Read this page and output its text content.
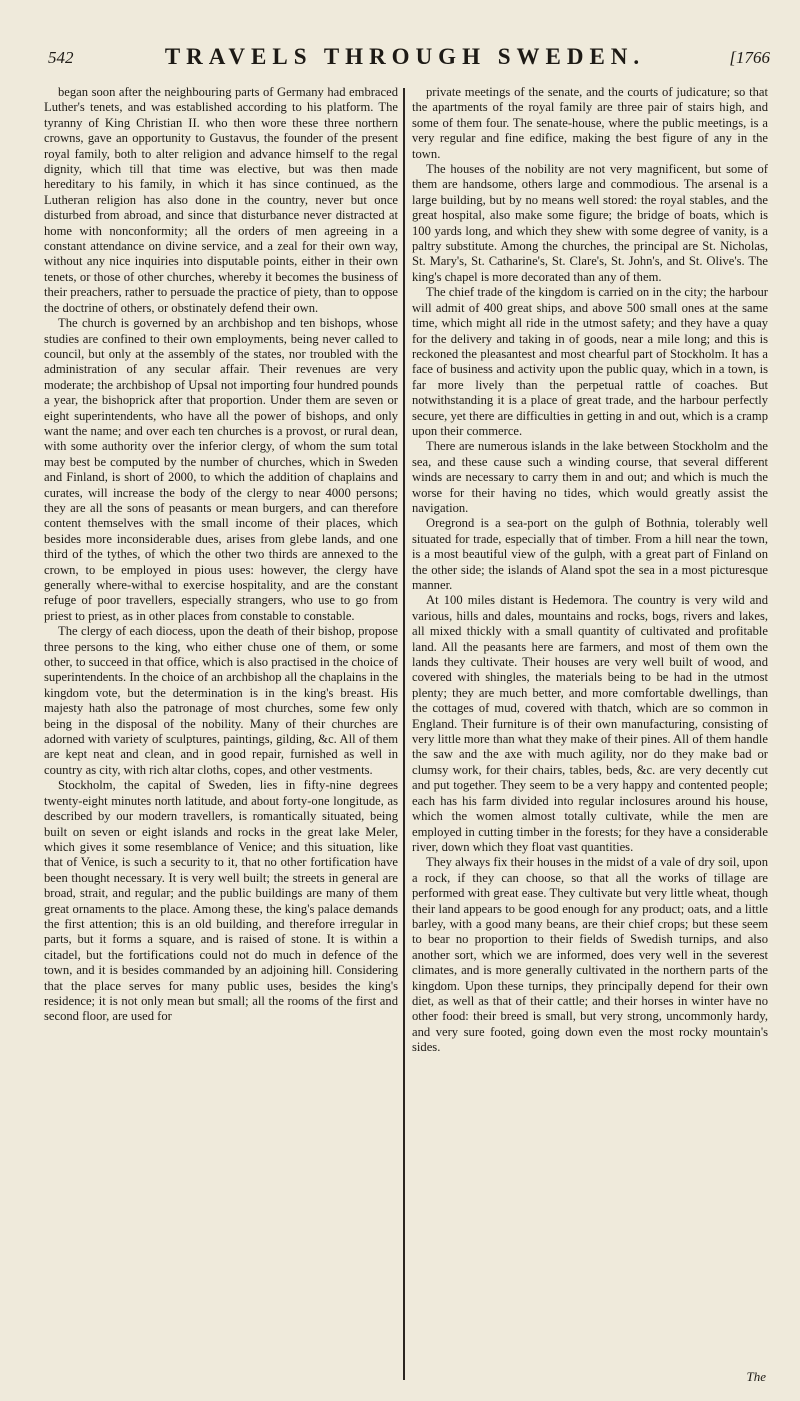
542	TRAVELS THROUGH SWEDEN.	[1766

began soon after the neighbouring parts of Germany had embraced Luther's tenets, and was established according to his platform. The tyranny of King Christian II. who then wore these three northern crowns, gave an opportunity to Gustavus, the founder of the present royal family, both to alter religion and advance himself to the regal dignity, which till that time was elective, but was then made hereditary to his family, in which it has since continued, as the Lutheran religion has also done in the country, never but once disturbed from abroad, and since that disturbance never distracted at home with nonconformity; all the orders of men agreeing in a constant attendance on divine service, and a zeal for their own way, without any nice inquiries into disputable points, either in their own tenets, or those of other churches, whereby it becomes the business of their preachers, rather to persuade the practice of piety, than to oppose the doctrine of others, or obstinately defend their own.

The church is governed by an archbishop and ten bishops, whose studies are confined to their own employments, being never called to council, but only at the assembly of the states, nor troubled with the administration of any secular affair. Their revenues are very moderate; the archbishop of Upsal not importing four hundred pounds a year, the bishoprick after that proportion. Under them are seven or eight superintendents, who have all the power of bishops, and only want the name; and over each ten churches is a provost, or rural dean, with some authority over the inferior clergy, of whom the sum total may best be computed by the number of churches, which in Sweden and Finland, is short of 2000, to which the addition of chaplains and curates, will increase the body of the clergy to near 4000 persons; they are all the sons of peasants or mean burgers, and can therefore content themselves with the small income of their places, which besides more inconsiderable dues, arises from glebe lands, and one third of the tythes, of which the other two thirds are annexed to the crown, to be employed in pious uses: however, the clergy have generally where-withal to exercise hospitality, and are the constant refuge of poor travellers, especially strangers, who use to go from priest to priest, as in other places from constable to constable.

The clergy of each diocess, upon the death of their bishop, propose three persons to the king, who either chuse one of them, or some other, to succeed in that office, which is also practised in the choice of superintendents. In the choice of an archbishop all the chaplains in the kingdom vote, but the determination is in the king's breast. His majesty hath also the patronage of most churches, some few only being in the disposal of the nobility. Many of their churches are adorned with variety of sculptures, paintings, gilding, &c. All of them are kept neat and clean, and in good repair, furnished as well in country as city, with rich altar cloths, copes, and other vestments.

Stockholm, the capital of Sweden, lies in fifty-nine degrees twenty-eight minutes north latitude, and about forty-one longitude, as described by our modern travellers, is romantically situated, being built on seven or eight islands and rocks in the great lake Meler, which gives it some resemblance of Venice; and this situation, like that of Venice, is such a security to it, that no other fortification have been thought necessary. It is very well built; the streets in general are broad, strait, and regular; and the public buildings are many of them great ornaments to the place. Among these, the king's palace demands the first attention; this is an old building, and therefore irregular in parts, but it forms a square, and is raised of stone. It is within a citadel, but the fortifications could not do much in defence of the town, and it is besides commanded by an adjoining hill. Considering that the place serves for many public uses, besides the king's residence; it is not only mean but small; all the rooms of the first and second floor, are used for

private meetings of the senate, and the courts of judicature; so that the apartments of the royal family are three pair of stairs high, and some of them four. The senate-house, where the public meetings, is a very regular and fine edifice, making the best figure of any in the town.

The houses of the nobility are not very magnificent, but some of them are handsome, others large and commodious. The arsenal is a large building, but by no means well stored: the royal stables, and the great hospital, also make some figure; the bridge of boats, which is 100 yards long, and which they shew with some degree of vanity, is a paltry substitute. Among the churches, the principal are St. Nicholas, St. Mary's, St. Catharine's, St. Clare's, St. John's, and St. Olive's. The king's chapel is more decorated than any of them.

The chief trade of the kingdom is carried on in the city; the harbour will admit of 400 great ships, and above 500 small ones at the same time, which might all ride in the utmost safety; and they have a quay for the delivery and taking in of goods, near a mile long; and this is reckoned the pleasantest and most chearful part of Stockholm. It has a face of business and activity upon the public quay, which in a town, is far more lively than the perpetual rattle of coaches. But notwithstanding it is a place of great trade, and the harbour perfectly secure, yet there are difficulties in getting in and out, which is a cramp upon their commerce.

There are numerous islands in the lake between Stockholm and the sea, and these cause such a winding course, that several different winds are necessary to carry them in and out; and which is much the worse for their having no tides, which would greatly assist the navigation.

Oregrond is a sea-port on the gulph of Bothnia, tolerably well situated for trade, especially that of timber. From a hill near the town, is a most beautiful view of the gulph, with a great part of Finland on the other side; the islands of Aland spot the sea in a most picturesque manner.

At 100 miles distant is Hedemora. The country is very wild and various, hills and dales, mountains and rocks, bogs, rivers and lakes, all mixed thickly with a small quantity of cultivated and profitable land. All the peasants here are farmers, and most of them own the lands they cultivate. Their houses are very well built of wood, and covered with shingles, the materials being to be had in the utmost plenty; they are much better, and more comfortable dwellings, than the cottages of mud, covered with thatch, which are so common in England. Their furniture is of their own manufacturing, consisting of very little more than what they make of their pines. All of them handle the saw and the axe with much agility, nor do they make bad or clumsy work, for their chairs, tables, beds, &c. are very decently cut and put together. They seem to be a very happy and contented people; each has his farm divided into regular inclosures around his house, which the women almost totally cultivate, while the men are employed in cutting timber in the forests; for they have a considerable river, down which they float vast quantities.

They always fix their houses in the midst of a vale of dry soil, upon a rock, if they can choose, so that all the works of tillage are performed with great ease. They cultivate but very little wheat, though their land appears to be good enough for any product; oats, and a little barley, with a good many beans, are their chief crops; but these seem to bear no proportion to their fields of Swedish turnips, and also another sort, which we are informed, does very well in the severest climates, and is more generally cultivated in the northern parts of the kingdom. Upon these turnips, they principally depend for their own diet, as well as that of their cattle; and their horses in winter have no other food: their breed is small, but very strong, uncommonly hardy, and very sure footed, going down even the most rocky mountain's sides.

The
